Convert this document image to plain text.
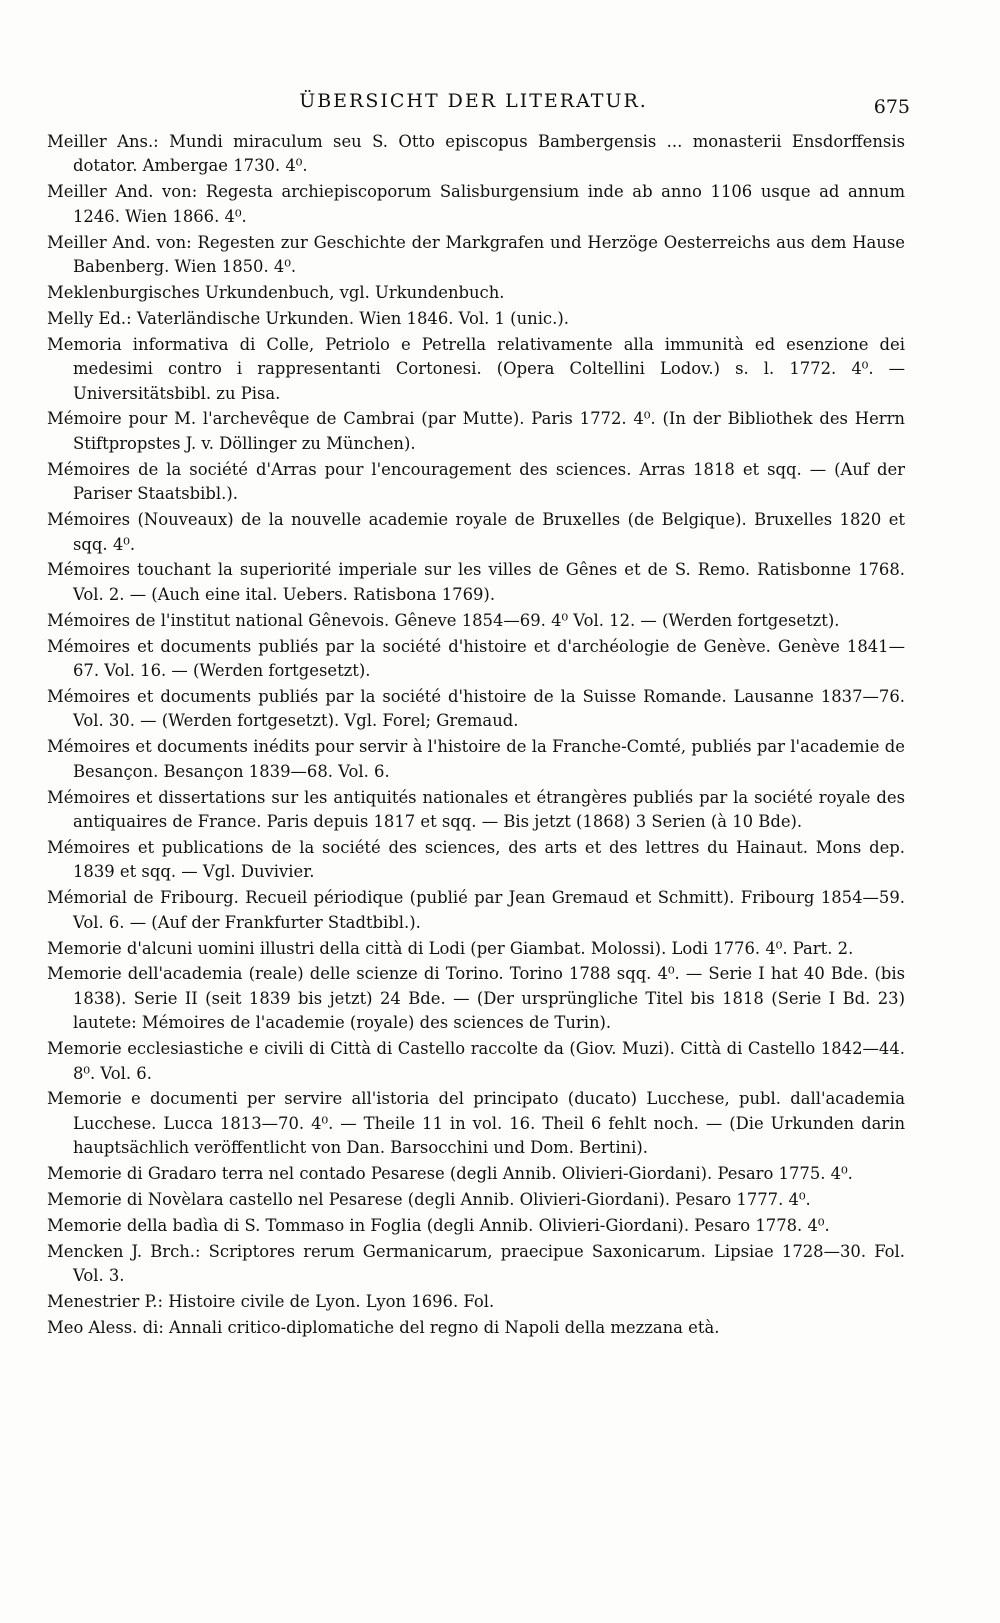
ÜBERSICHT DER LITERATUR.	675

Meiller Ans.: Mundi miraculum seu S. Otto episcopus Bambergensis ... monasterii Ensdorffensis dotator. Ambergae 1730. 4⁰.

Meiller And. von: Regesta archiepiscoporum Salisburgensium inde ab anno 1106 usque ad annum 1246. Wien 1866. 4⁰.

Meiller And. von: Regesten zur Geschichte der Markgrafen und Herzöge Oesterreichs aus dem Hause Babenberg. Wien 1850. 4⁰.

Meklenburgisches Urkundenbuch, vgl. Urkundenbuch.

Melly Ed.: Vaterländische Urkunden. Wien 1846. Vol. 1 (unic.).

Memoria informativa di Colle, Petriolo e Petrella relativamente alla immunità ed esenzione dei medesimi contro i rappresentanti Cortonesi. (Opera Coltellini Lodov.) s. l. 1772. 4⁰. — Universitätsbibl. zu Pisa.

Mémoire pour M. l'archevêque de Cambrai (par Mutte). Paris 1772. 4⁰. (In der Bibliothek des Herrn Stiftpropstes J. v. Döllinger zu München).

Mémoires de la société d'Arras pour l'encouragement des sciences. Arras 1818 et sqq. — (Auf der Pariser Staatsbibl.).

Mémoires (Nouveaux) de la nouvelle academie royale de Bruxelles (de Belgique). Bruxelles 1820 et sqq. 4⁰.

Mémoires touchant la superiorité imperiale sur les villes de Gênes et de S. Remo. Ratisbonne 1768. Vol. 2. — (Auch eine ital. Uebers. Ratisbona 1769).

Mémoires de l'institut national Gênevois. Gêneve 1854—69. 4⁰ Vol. 12. — (Werden fortgesetzt).

Mémoires et documents publiés par la société d'histoire et d'archéologie de Genève. Genève 1841—67. Vol. 16. — (Werden fortgesetzt).

Mémoires et documents publiés par la société d'histoire de la Suisse Romande. Lausanne 1837—76. Vol. 30. — (Werden fortgesetzt). Vgl. Forel; Gremaud.

Mémoires et documents inédits pour servir à l'histoire de la Franche-Comté, publiés par l'academie de Besançon. Besançon 1839—68. Vol. 6.

Mémoires et dissertations sur les antiquités nationales et étrangères publiés par la société royale des antiquaires de France. Paris depuis 1817 et sqq. — Bis jetzt (1868) 3 Serien (à 10 Bde).

Mémoires et publications de la société des sciences, des arts et des lettres du Hainaut. Mons dep. 1839 et sqq. — Vgl. Duvivier.

Mémorial de Fribourg. Recueil périodique (publié par Jean Gremaud et Schmitt). Fribourg 1854—59. Vol. 6. — (Auf der Frankfurter Stadtbibl.).

Memorie d'alcuni uomini illustri della città di Lodi (per Giambat. Molossi). Lodi 1776. 4⁰. Part. 2.

Memorie dell'academia (reale) delle scienze di Torino. Torino 1788 sqq. 4⁰. — Serie I hat 40 Bde. (bis 1838). Serie II (seit 1839 bis jetzt) 24 Bde. — (Der ursprüngliche Titel bis 1818 (Serie I Bd. 23) lautete: Mémoires de l'academie (royale) des sciences de Turin).

Memorie ecclesiastiche e civili di Città di Castello raccolte da (Giov. Muzi). Città di Castello 1842—44. 8⁰. Vol. 6.

Memorie e documenti per servire all'istoria del principato (ducato) Lucchese, publ. dall'academia Lucchese. Lucca 1813—70. 4⁰. — Theile 11 in vol. 16. Theil 6 fehlt noch. — (Die Urkunden darin hauptsächlich veröffentlicht von Dan. Barsocchini und Dom. Bertini).

Memorie di Gradaro terra nel contado Pesarese (degli Annib. Olivieri-Giordani). Pesaro 1775. 4⁰.

Memorie di Novèlara castello nel Pesarese (degli Annib. Olivieri-Giordani). Pesaro 1777. 4⁰.

Memorie della badìa di S. Tommaso in Foglia (degli Annib. Olivieri-Giordani). Pesaro 1778. 4⁰.

Mencken J. Brch.: Scriptores rerum Germanicarum, praecipue Saxonicarum. Lipsiae 1728—30. Fol. Vol. 3.

Menestrier P.: Histoire civile de Lyon. Lyon 1696. Fol.

Meo Aless. di: Annali critico-diplomatiche del regno di Napoli della mezzana età.
